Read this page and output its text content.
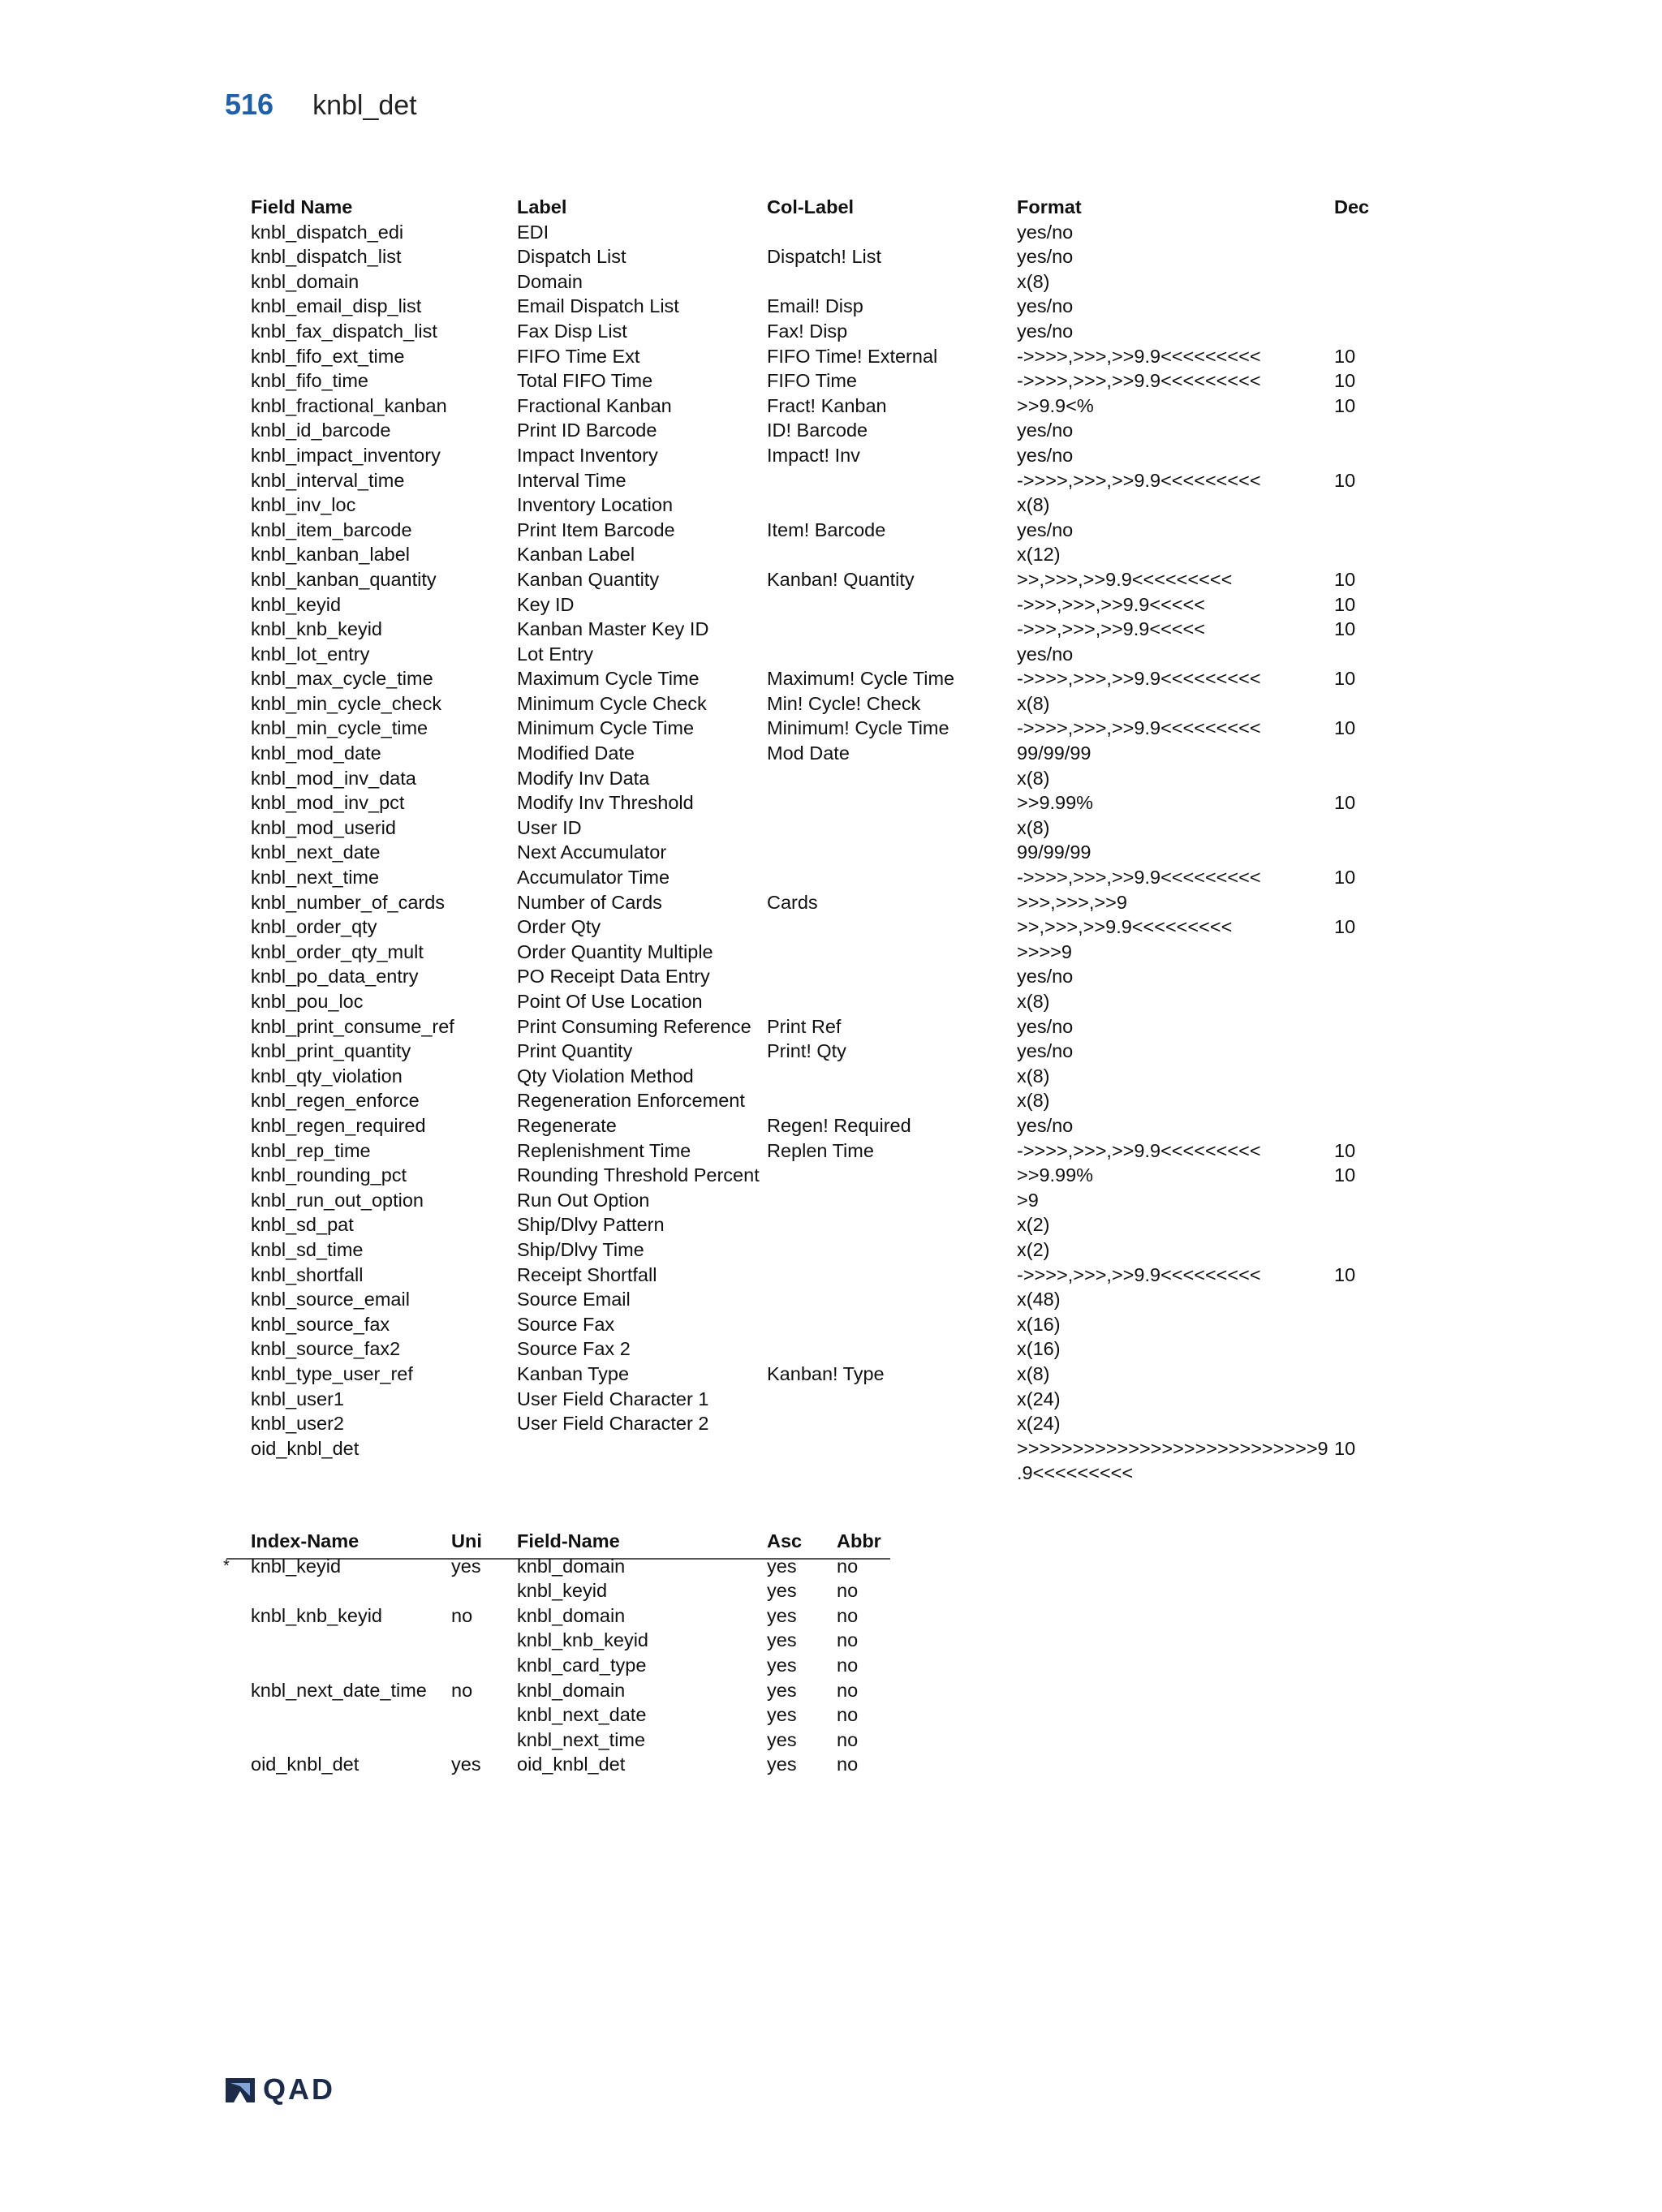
516 knbl_det
Field Name	Label	Col-Label	Format	Dec
knbl_dispatch_edi	EDI		yes/no	
knbl_dispatch_list	Dispatch List	Dispatch! List	yes/no	
knbl_domain	Domain		x(8)	
knbl_email_disp_list	Email Dispatch List	Email! Disp	yes/no	
knbl_fax_dispatch_list	Fax Disp List	Fax! Disp	yes/no	
knbl_fifo_ext_time	FIFO Time Ext	FIFO Time! External	->>>>,>>>,>>9.9<<<<<<<<<	10
knbl_fifo_time	Total FIFO Time	FIFO Time	->>>>,>>>,>>9.9<<<<<<<<<	10
knbl_fractional_kanban	Fractional Kanban	Fract! Kanban	>>9.9<%	10
knbl_id_barcode	Print ID Barcode	ID! Barcode	yes/no	
knbl_impact_inventory	Impact Inventory	Impact! Inv	yes/no	
knbl_interval_time	Interval Time		->>>>,>>>,>>9.9<<<<<<<<<	10
knbl_inv_loc	Inventory Location		x(8)	
knbl_item_barcode	Print Item Barcode	Item! Barcode	yes/no	
knbl_kanban_label	Kanban Label		x(12)	
knbl_kanban_quantity	Kanban Quantity	Kanban! Quantity	>>,>>>,>>9.9<<<<<<<<<	10
knbl_keyid	Key ID		->>>,>>>,>>9.9<<<<<	10
knbl_knb_keyid	Kanban Master Key ID		->>>,>>>,>>9.9<<<<<	10
knbl_lot_entry	Lot Entry		yes/no	
knbl_max_cycle_time	Maximum Cycle Time	Maximum! Cycle Time	->>>>,>>>,>>9.9<<<<<<<<<	10
knbl_min_cycle_check	Minimum Cycle Check	Min! Cycle! Check	x(8)	
knbl_min_cycle_time	Minimum Cycle Time	Minimum! Cycle Time	->>>>,>>>,>>9.9<<<<<<<<<	10
knbl_mod_date	Modified Date	Mod Date	99/99/99	
knbl_mod_inv_data	Modify Inv Data		x(8)	
knbl_mod_inv_pct	Modify Inv Threshold		>>9.99%	10
knbl_mod_userid	User ID		x(8)	
knbl_next_date	Next Accumulator		99/99/99	
knbl_next_time	Accumulator Time		->>>>,>>>,>>9.9<<<<<<<<<	10
knbl_number_of_cards	Number of Cards	Cards	>>>,>>>,>>9	
knbl_order_qty	Order Qty		>>,>>>,>>9.9<<<<<<<<<	10
knbl_order_qty_mult	Order Quantity Multiple		>>>>9	
knbl_po_data_entry	PO Receipt Data Entry		yes/no	
knbl_pou_loc	Point Of Use Location		x(8)	
knbl_print_consume_ref	Print Consuming Reference	Print Ref	yes/no	
knbl_print_quantity	Print Quantity	Print! Qty	yes/no	
knbl_qty_violation	Qty Violation Method		x(8)	
knbl_regen_enforce	Regeneration Enforcement		x(8)	
knbl_regen_required	Regenerate	Regen! Required	yes/no	
knbl_rep_time	Replenishment Time	Replen Time	->>>>,>>>,>>9.9<<<<<<<<<	10
knbl_rounding_pct	Rounding Threshold Percent		>>9.99%	10
knbl_run_out_option	Run Out Option		>9	
knbl_sd_pat	Ship/Dlvy Pattern		x(2)	
knbl_sd_time	Ship/Dlvy Time		x(2)	
knbl_shortfall	Receipt Shortfall		->>>>,>>>,>>9.9<<<<<<<<<	10
knbl_source_email	Source Email		x(48)	
knbl_source_fax	Source Fax		x(16)	
knbl_source_fax2	Source Fax 2		x(16)	
knbl_type_user_ref	Kanban Type	Kanban! Type	x(8)	
knbl_user1	User Field Character 1		x(24)	
knbl_user2	User Field Character 2		x(24)	
oid_knbl_det			>>>>>>>>>>>>>>>>>>>>>>>>>>>9	10
			.9<<<<<<<<<	
Index-Name	Uni	Field-Name	Asc	Abbr

* knbl_keyid	yes	knbl_domain	yes	no
		knbl_keyid	yes	no
knbl_knb_keyid	no	knbl_domain	yes	no
		knbl_knb_keyid	yes	no
		knbl_card_type	yes	no
knbl_next_date_time	no	knbl_domain	yes	no
		knbl_next_date	yes	no
		knbl_next_time	yes	no
oid_knbl_det	yes	oid_knbl_det	yes	no
QAD
